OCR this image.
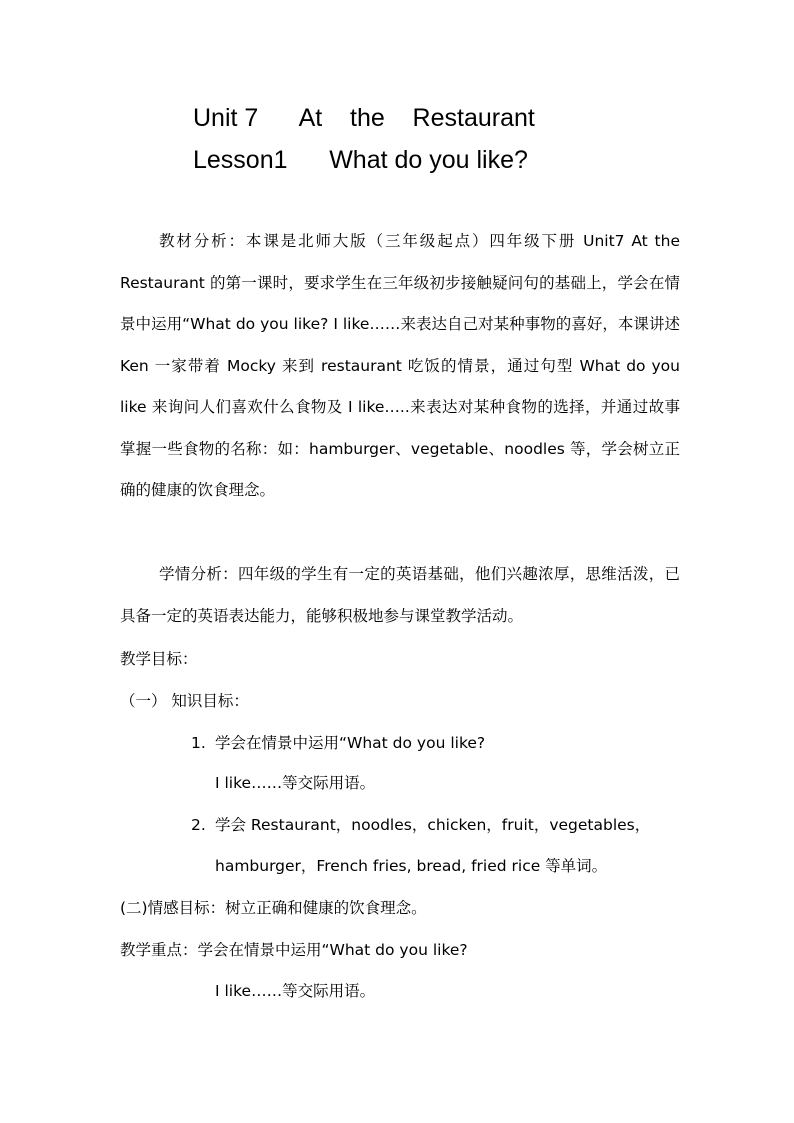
Unit 7      At    the    Restaurant
Lesson1      What do you like?

教材分析：本课是北师大版（三年级起点）四年级下册 Unit7 At the Restaurant 的第一课时，要求学生在三年级初步接触疑问句的基础上，学会在情景中运用“What do you like? I like……来表达自己对某种事物的喜好，本课讲述 Ken 一家带着 Mocky 来到 restaurant 吃饭的情景，通过句型 What do you like 来询问人们喜欢什么食物及 I like…..来表达对某种食物的选择，并通过故事掌握一些食物的名称：如：hamburger、vegetable、noodles 等，学会树立正确的健康的饮食理念。

学情分析：四年级的学生有一定的英语基础，他们兴趣浓厚，思维活泼，已具备一定的英语表达能力，能够积极地参与课堂教学活动。

教学目标：
（一） 知识目标：
1. 学会在情景中运用“What do you like?
I like……等交际用语。
2. 学会 Restaurant，noodles，chicken，fruit，vegetables，
hamburger，French fries, bread, fried rice 等单词。
(二)情感目标：树立正确和健康的饮食理念。
教学重点：学会在情景中运用“What do you like?
I like……等交际用语。
